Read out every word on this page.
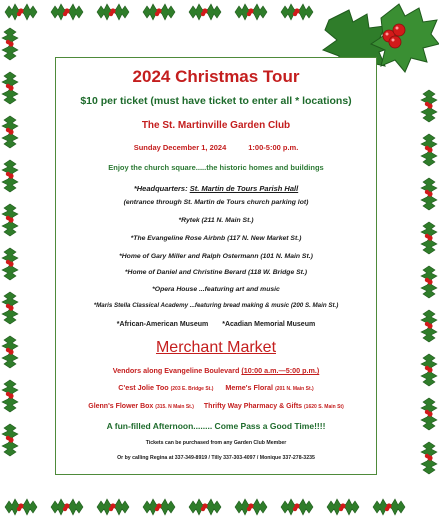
2024 Christmas Tour
$10 per ticket (must have ticket to enter all * locations)
The St. Martinville Garden Club
Sunday December 1, 2024	1:00-5:00 p.m.
Enjoy the church square.....the historic homes and buildings
*Headquarters: St. Martin de Tours Parish Hall
(entrance through St. Martin de Tours church parking lot)
*Rytek (211 N. Main St.)
*The Evangeline Rose Airbnb (117 N. New Market St.)
*Home of Gary Miller and Ralph Ostermann (101 N. Main St.)
*Home of Daniel and Christine Berard (118 W. Bridge St.)
*Opera House ...featuring art and music
*Maris Stella Classical Academy ...featuring bread making & music (200 S. Main St.)
*African-American Museum *Acadian Memorial Museum
Merchant Market
Vendors along Evangeline Boulevard (10:00 a.m.—5:00 p.m.)
C'est Jolie Too (203 E. Bridge St.) Meme's Floral (201 N. Main St.)
Glenn's Flower Box (315. N Main St.) Thrifty Way Pharmacy & Gifts (1620 S. Main St)
A fun-filled Afternoon........ Come Pass a Good Time!!!!
Tickets can be purchased from any Garden Club Member
Or by calling Regina at 337-349-8919 / Tilly 337-303-4097 / Monique 337-278-3235
